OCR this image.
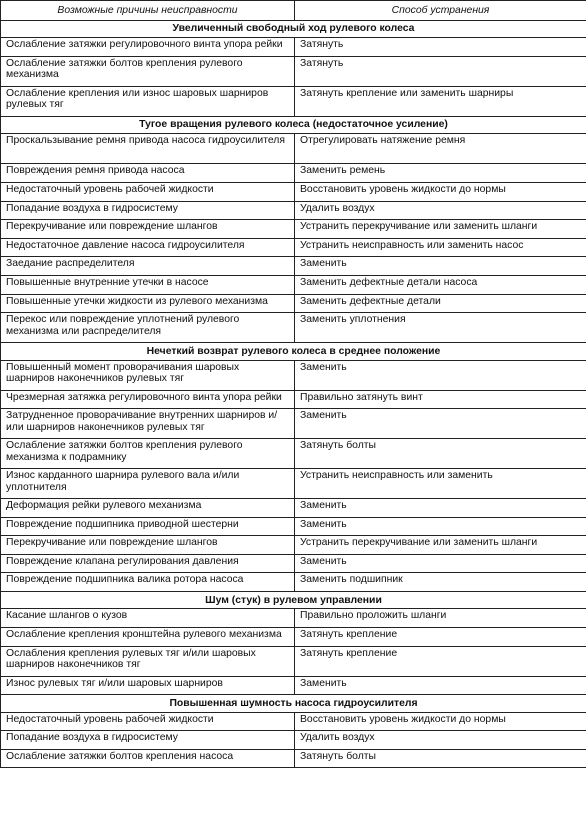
Возможные причины неисправности	Способ устранения
Увеличенный свободный ход рулевого колеса	
Ослабление затяжки регулировочного винта упора рейки	Затянуть
Ослабление затяжки болтов крепления рулевого механизма	Затянуть
Ослабление крепления или износ шаровых шарниров рулевых тяг	Затянуть крепление или заменить шарниры
Тугое вращения рулевого колеса (недостаточное усиление)	
Проскальзывание ремня привода насоса гидроусилителя	Отрегулировать натяжение ремня
Повреждения ремня привода насоса	Заменить ремень
Недостаточный уровень рабочей жидкости	Восстановить уровень жидкости до нормы
Попадание воздуха в гидросистему	Удалить воздух
Перекручивание или повреждение шлангов	Устранить перекручивание или заменить шланги
Недостаточное давление насоса гидроусилителя	Устранить неисправность или заменить насос
Заедание распределителя	Заменить
Повышенные внутренние утечки в насосе	Заменить дефектные детали насоса
Повышенные утечки жидкости из рулевого механизма	Заменить дефектные детали
Перекос или повреждение уплотнений рулевого механизма или распределителя	Заменить уплотнения
Нечеткий возврат рулевого колеса в среднее положение	
Повышенный момент проворачивания шаровых шарниров наконечников рулевых тяг	Заменить
Чрезмерная затяжка регулировочного винта упора рейки	Правильно затянуть винт
Затрудненное проворачивание внутренних шарниров и/или шарниров наконечников рулевых тяг	Заменить
Ослабление затяжки болтов крепления рулевого механизма к подрамнику	Затянуть болты
Износ карданного шарнира рулевого вала и/или уплотнителя	Устранить неисправность или заменить
Деформация рейки рулевого механизма	Заменить
Повреждение подшипника приводной шестерни	Заменить
Перекручивание или повреждение шлангов	Устранить перекручивание или заменить шланги
Повреждение клапана регулирования давления	Заменить
Повреждение подшипника валика ротора насоса	Заменить подшипник
Шум (стук) в рулевом управлении	
Касание шлангов о кузов	Правильно проложить шланги
Ослабление крепления кронштейна рулевого механизма	Затянуть крепление
Ослабления крепления рулевых тяг и/или шаровых шарниров наконечников тяг	Затянуть крепление
Износ рулевых тяг и/или шаровых шарниров	Заменить
Повышенная шумность насоса гидроусилителя	
Недостаточный уровень рабочей жидкости	Восстановить уровень жидкости до нормы
Попадание воздуха в гидросистему	Удалить воздух
Ослабление затяжки болтов крепления насоса	Затянуть болты
